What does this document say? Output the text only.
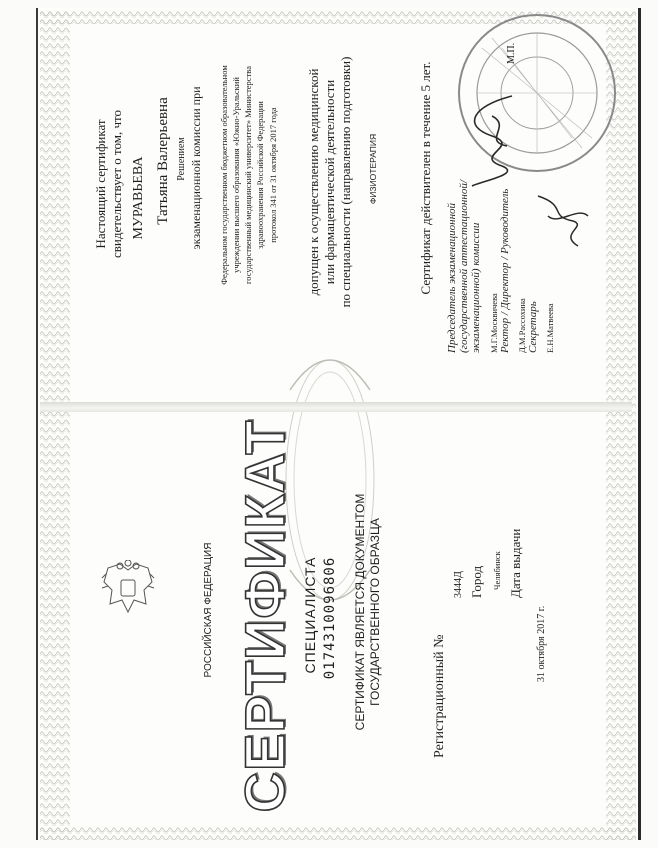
РОССИЙСКАЯ ФЕДЕРАЦИЯ СЕРТИФИКАТ СПЕЦИАЛИСТА 0174310096806 СЕРТИФИКАТ ЯВЛЯЕТСЯ ДОКУМЕНТОМ ГОСУДАРСТВЕННОГО ОБРАЗЦА	Регистрационный №
3444Д Город Челябинск Дата выдачи
31 октября 2017 г.
Настоящий сертификат свидетельствует о том, что МУРАВЬЕВА Татьяна Валерьевна Решением экзаменационной комиссии при Федеральном государственном бюджетном образовательном учреждении высшего образования «Южно-Уральский государственный медицинский университет» Министерства здравоохранения Российской Федерации протокол 341 от 31 октября 2017 года допущен к осуществлению медицинской или фармацевтической деятельности по специальности (направлению подготовки) ФИЗИОТЕРАПИЯ	Сертификат действителен в течение 5 лет. Председатель экзаменационной (государственной аттестационной/ экзаменационной) комиссии М.Г.Москвичева Ректор / Директор / Руководитель Д.М.Рассохина Секретарь Е.Н.Матвеева
М.П.
